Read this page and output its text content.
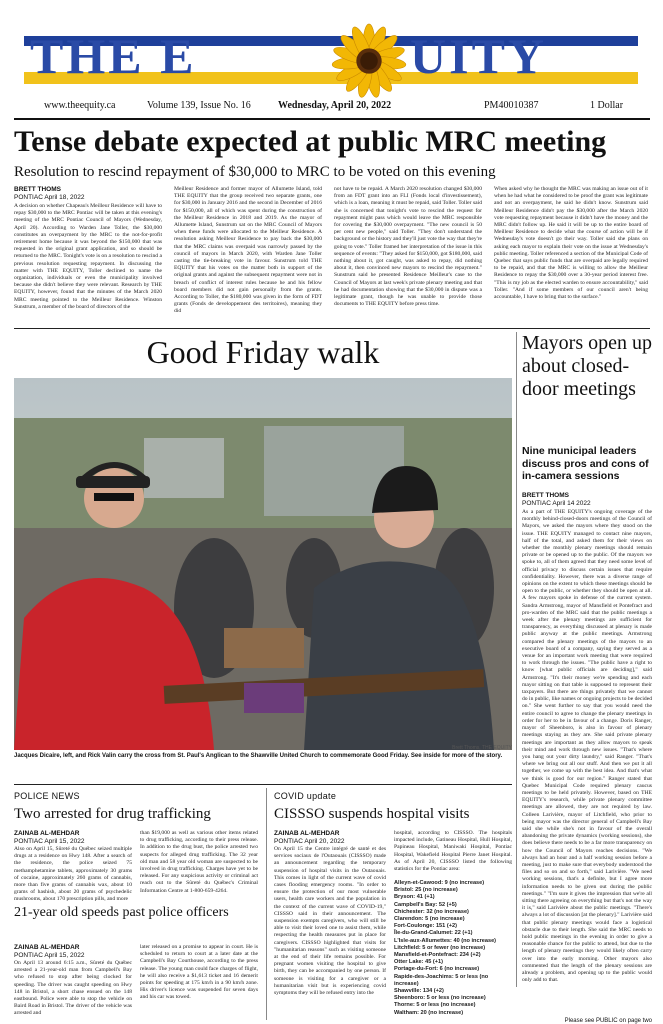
THE E	UITY
www.theequity.ca	Volume 139, Issue No. 16	Wednesday, April 20, 2022	PM40010387	1 Dollar
Tense debate expected at public MRC meeting
Resolution to rescind repayment of $30,000 to MRC to be voted on this evening
BRETT THOMS
PONTIAC April 18, 2022
A decision on whether Chapeau's Meilleur Residence will have to repay $30,000 to the MRC Pontiac will be taken at this evening's meeting of the MRC Pontiac Council of Mayors (Wednesday, April 20). According to Warden Jane Toller, the $30,000 constitutes an overpayment by the MRC to the not-for-profit retirement home because it was beyond the $150,000 that was requested in the original grant application, and so should be returned to the MRC. Tonight's vote is on a resolution to rescind a previous resolution requesting repayment. In discussing the matter with THE EQUITY, Toller declined to name the organization, individuals or even the municipality involved because she didn't believe they were relevant. Research by THE EQUITY, however, found that the minutes of the March 2020 MRC meeting pointed to the Meilleur Residence. Winston Sunstrum, a member of the board of directors of the
Meilleur Residence and former mayor of Allumette Island, told THE EQUITY that the group received two separate grants, one for $30,000 in January 2016 and the second in December of 2016 for $150,000, all of which was spent during the construction of the Meilleur Residence in 2018 and 2019. As the mayor of Allumette Island, Sunstrum sat on the MRC Council of Mayors when these funds were allocated to the Meilleur Residence. A resolution asking Meilleur Residence to pay back the $30,000 that the MRC claims was overpaid was narrowly passed by the council of mayors in March 2020, with Warden Jane Toller casting the tie-breaking vote in favour. Sunstrum told THE EQUITY that his votes on the matter both in support of the original grants and against the subsequent repayment were not in breach of conflict of interest rules because he and his fellow board members did not gain personally from the grants. According to Toller, the $180,000 was given in the form of FDT grants (Fonds de developpement des territoires), meaning they did
not have to be repaid. A March 2020 resolution changed $30,000 from an FDT grant into an FLI (Fonds local d'investissement), which is a loan, meaning it must be repaid, said Toller. Toller said she is concerned that tonight's vote to rescind the request for repayment might pass which would leave the MRC responsible for covering the $30,000 overpayment. "The new council is 50 per cent new people," said Toller. "They don't understand the background or the history and they'll just vote the way that they're going to vote." Toller framed her interpretation of the issue in this sequence of events: "They asked for $150,000, got $180,000, said nothing about it, got caught, was asked to repay, did nothing about it, then convinced new mayors to rescind the repayment." Sunstrum said he presented Residence Meilleur's case to the Council of Mayors at last week's private plenary meeting and that he had documentation showing that the $30,000 in dispute was a legitimate grant, though he was unable to provide those documents to THE EQUITY before press time.
When asked why he thought the MRC was making an issue out of it when he had what he considered to be proof the grant was legitimate and not an overpayment, he said he didn't know. Sunstrum said Meilleur Residence didn't pay the $30,000 after the March 2020 vote requesting repayment because it didn't have the money and the MRC didn't follow up. He said it will be up to the entire board of Meilleur Residence to decide what the course of action will be if Wednesday's vote doesn't go their way. Toller said she plans on asking each mayor to explain their vote on the issue at Wednesday's public meeting. Toller referenced a section of the Municipal Code of Quebec that says public funds that are overpaid are legally required to be repaid, and that the MRC is willing to allow the Meilleur Residence to repay the $30,000 over a 30-year period interest free. "This is my job as the elected warden to ensure accountability," said Toller. "And if some members of our council aren't being accountable, I have to bring that to the surface."
Good Friday walk
Jacques Dicaire, left, and Rick Valin carry the cross from St. Paul's Anglican to the Shawville United Church to commemorate Good Friday. See inside for more of the story.
Brett Thoms, THE EQUITY
Mayors open up about closed-door meetings
Nine municipal leaders discuss pros and cons of in-camera sessions
BRETT THOMS
PONTIAC April 14 2022
As a part of THE EQUITY's ongoing coverage of the monthly behind-closed-doors meetings of the Council of Mayors, we asked the mayors where they stood on the issue. THE EQUITY managed to contact nine mayors, half of the total, and asked them for their views on whether the monthly plenary meetings should remain private or be opened up to the public. Of the mayors we spoke to, all of them agreed that they need some level of official privacy to discuss certain issues that require confidentiality. However, there was a diverse range of opinions on the extent to which these meetings should be open to the public, or whether they should be open at all. A few mayors spoke in defense of the current system. Sandra Armstrong, mayor of Mansfield et Pontefract and pro-warden of the MRC said that the public meetings a week after the plenary meetings are sufficient for transparency, as everything discussed at plenary is made public anyway at the public meetings. Armstrong compared the plenary meetings of the mayors to an executive board of a company, saying they served as a venue for an important work meeting that were required to work through the issues. "The public have a right to know [what public officials are deciding]," said Armstrong. "It's their money we're spending and each mayor sitting on that table is supposed to represent their taxpayers. But there are things privately that we cannot do in public, like names or ongoing projects to be decided on." She went further to say that you would need the entire council to agree to change the plenary meetings in order for her to be in favour of a change. Doris Ranger, mayor of Sheenboro, is also in favour of plenary meetings staying as they are. She said private plenary meetings are important as they allow mayors to speak their mind and work through new issues. "That's where you hang out your dirty laundry," said Ranger. "That's where we bring out all our stuff. And then we put it all together, we come up with the best idea. And that's what we think is good for our region." Ranger stated that Quebec Municipal Code required plenary caucus meetings to be held privately. However, based on THE EQUITY's research, while private plenary committee meetings are allowed, they are not required by law. Colleen Larivière, mayor of Litchfield, who prior to being mayor was the director general of Campbell's Bay said she while she's not in favour of the overall abandoning the private dynamics (working sessions), she does believe there needs to be a far more transparency on how the Council of Mayors reaches decisions. "We always had an hour and a half working session before a meeting, just to make sure that everybody understood the files and so on and so forth," said Larivière. "We need working sessions, that's a definite, but I agree more information needs to be given out during the public meetings." "I'm sure it gives the impression that we're all sitting there agreeing on everything but that's not the way it is," said Larivière about the public meetings. "There's always a lot of discussion [at the plenary]." Larivière said that public plenary meetings would face a logistical obstacle due to their length. She said the MRC needs to hold public meetings in the evening in order to give a reasonable chance for the public to attend, but due to the length of plenary meetings they would likely often carry over into the early morning. Other mayors also commented that the length of the plenary sessions are already a problem, and opening up to the public would only add to that.
Please see PUBLIC on page two
POLICE NEWS
Two arrested for drug trafficking
ZAINAB AL-MEHDAR
PONTIAC April 15, 2022
Also on April 15, Sûreté du Québec seized multiple drugs at a residence on Hwy 148. After a search of the residence, the police seized 75 methamphetamine tablets, approximately 30 grams of cocaine, approximately 260 grams of cannabis, more than five grams of cannabis wax, about 10 grams of hashish, about 20 grams of psychedelic mushrooms, about 170 prescription pills, and more
than $19,000 as well as various other items related to drug trafficking, according to their press release. In addition to the drug bust, the police arrested two suspects for alleged drug trafficking. The 32 year old man and 58 year old woman are suspected to be involved in drug trafficking. Charges have yet to be released. For any suspicious activity or criminal act reach out to the Sûreté du Québec's Criminal Information Centre at 1-800-659-4264.
21-year old speeds past police officers
ZAINAB AL-MEHDAR
PONTIAC April 15, 2022
On April 13 around 6:15 a.m., Sûreté du Québec arrested a 21-year-old man from Campbell's Bay who refused to stop after being clocked for speeding. The driver was caught speeding on Hwy 148 in Bristol, a short chase ensued on the 148 eastbound. Police were able to stop the vehicle on Baird Road in Bristol. The driver of the vehicle was arrested and
later released on a promise to appear in court. He is scheduled to return to court at a later date at the Campbell's Bay Courthouse, according to the press release. The young man could face charges of flight, he will also receive a $1,613 ticket and 16 demerit points for speeding at 175 km/h in a 90 km/h zone. His driver's licence was suspended for seven days and his car was towed.
COVID update
CISSSO suspends hospital visits
ZAINAB AL-MEHDAR
PONTIAC April 20, 2022
On April 15 the Centre intégré de santé et des services sociaux de l'Outaouais (CISSSO) made an announcement regarding the temporary suspension of hospital visits in the Outaouais. This comes in light of the current wave of covid cases flooding emergency rooms. "In order to ensure the protection of our most vulnerable users, health care workers and the population in the context of the current wave of COVID-19," CISSSO said in their announcement. The suspension exempts caregivers, who will still be able to visit their loved one to assist them, while respecting the health measures put in place for caregivers. CISSSO highlighted that visits for "humanitarian reasons" such as visiting someone at the end of their life remains possible. For pregnant women visiting the hospital to give birth, they can be accompanied by one person. If someone is visiting for a caregiver or a humanitarian visit but is experiencing covid symptoms they will be refused entry into the
hospital, according to CISSSO. The hospitals impacted include, Gatineau Hospital, Hull Hospital, Papineau Hospital, Maniwaki Hospital, Pontiac Hospital, Wakefield Hospital Pierre Janet Hospital. As of April 20, CISSSO listed the following statistics for the Pontiac area:
Alleyn-et-Cawood: 9 (no increase)
Bristol: 25 (no increase)
Bryson: 41 (+1)
Campbell's Bay: 52 (+5)
Chichester: 32 (no increase)
Clarendon: 5 (no increase)
Fort-Coulonge: 151 (+2)
Île-du-Grand-Calumet: 22 (+1)
L'Isle-aux-Allumettes: 40 (no increase)
Litchfield: 5 or fewer (no increase)
Mansfield-et-Pontefract: 234 (+2)
Otter Lake: 45 (+1)
Portage-du-Fort: 6 (no increase)
Rapide-des-Joachims: 5 or less (no increase)
Shawville: 134 (+2)
Sheenboro: 5 or less (no increase)
Thorne: 5 or less (no increase)
Waltham: 20 (no increase)
